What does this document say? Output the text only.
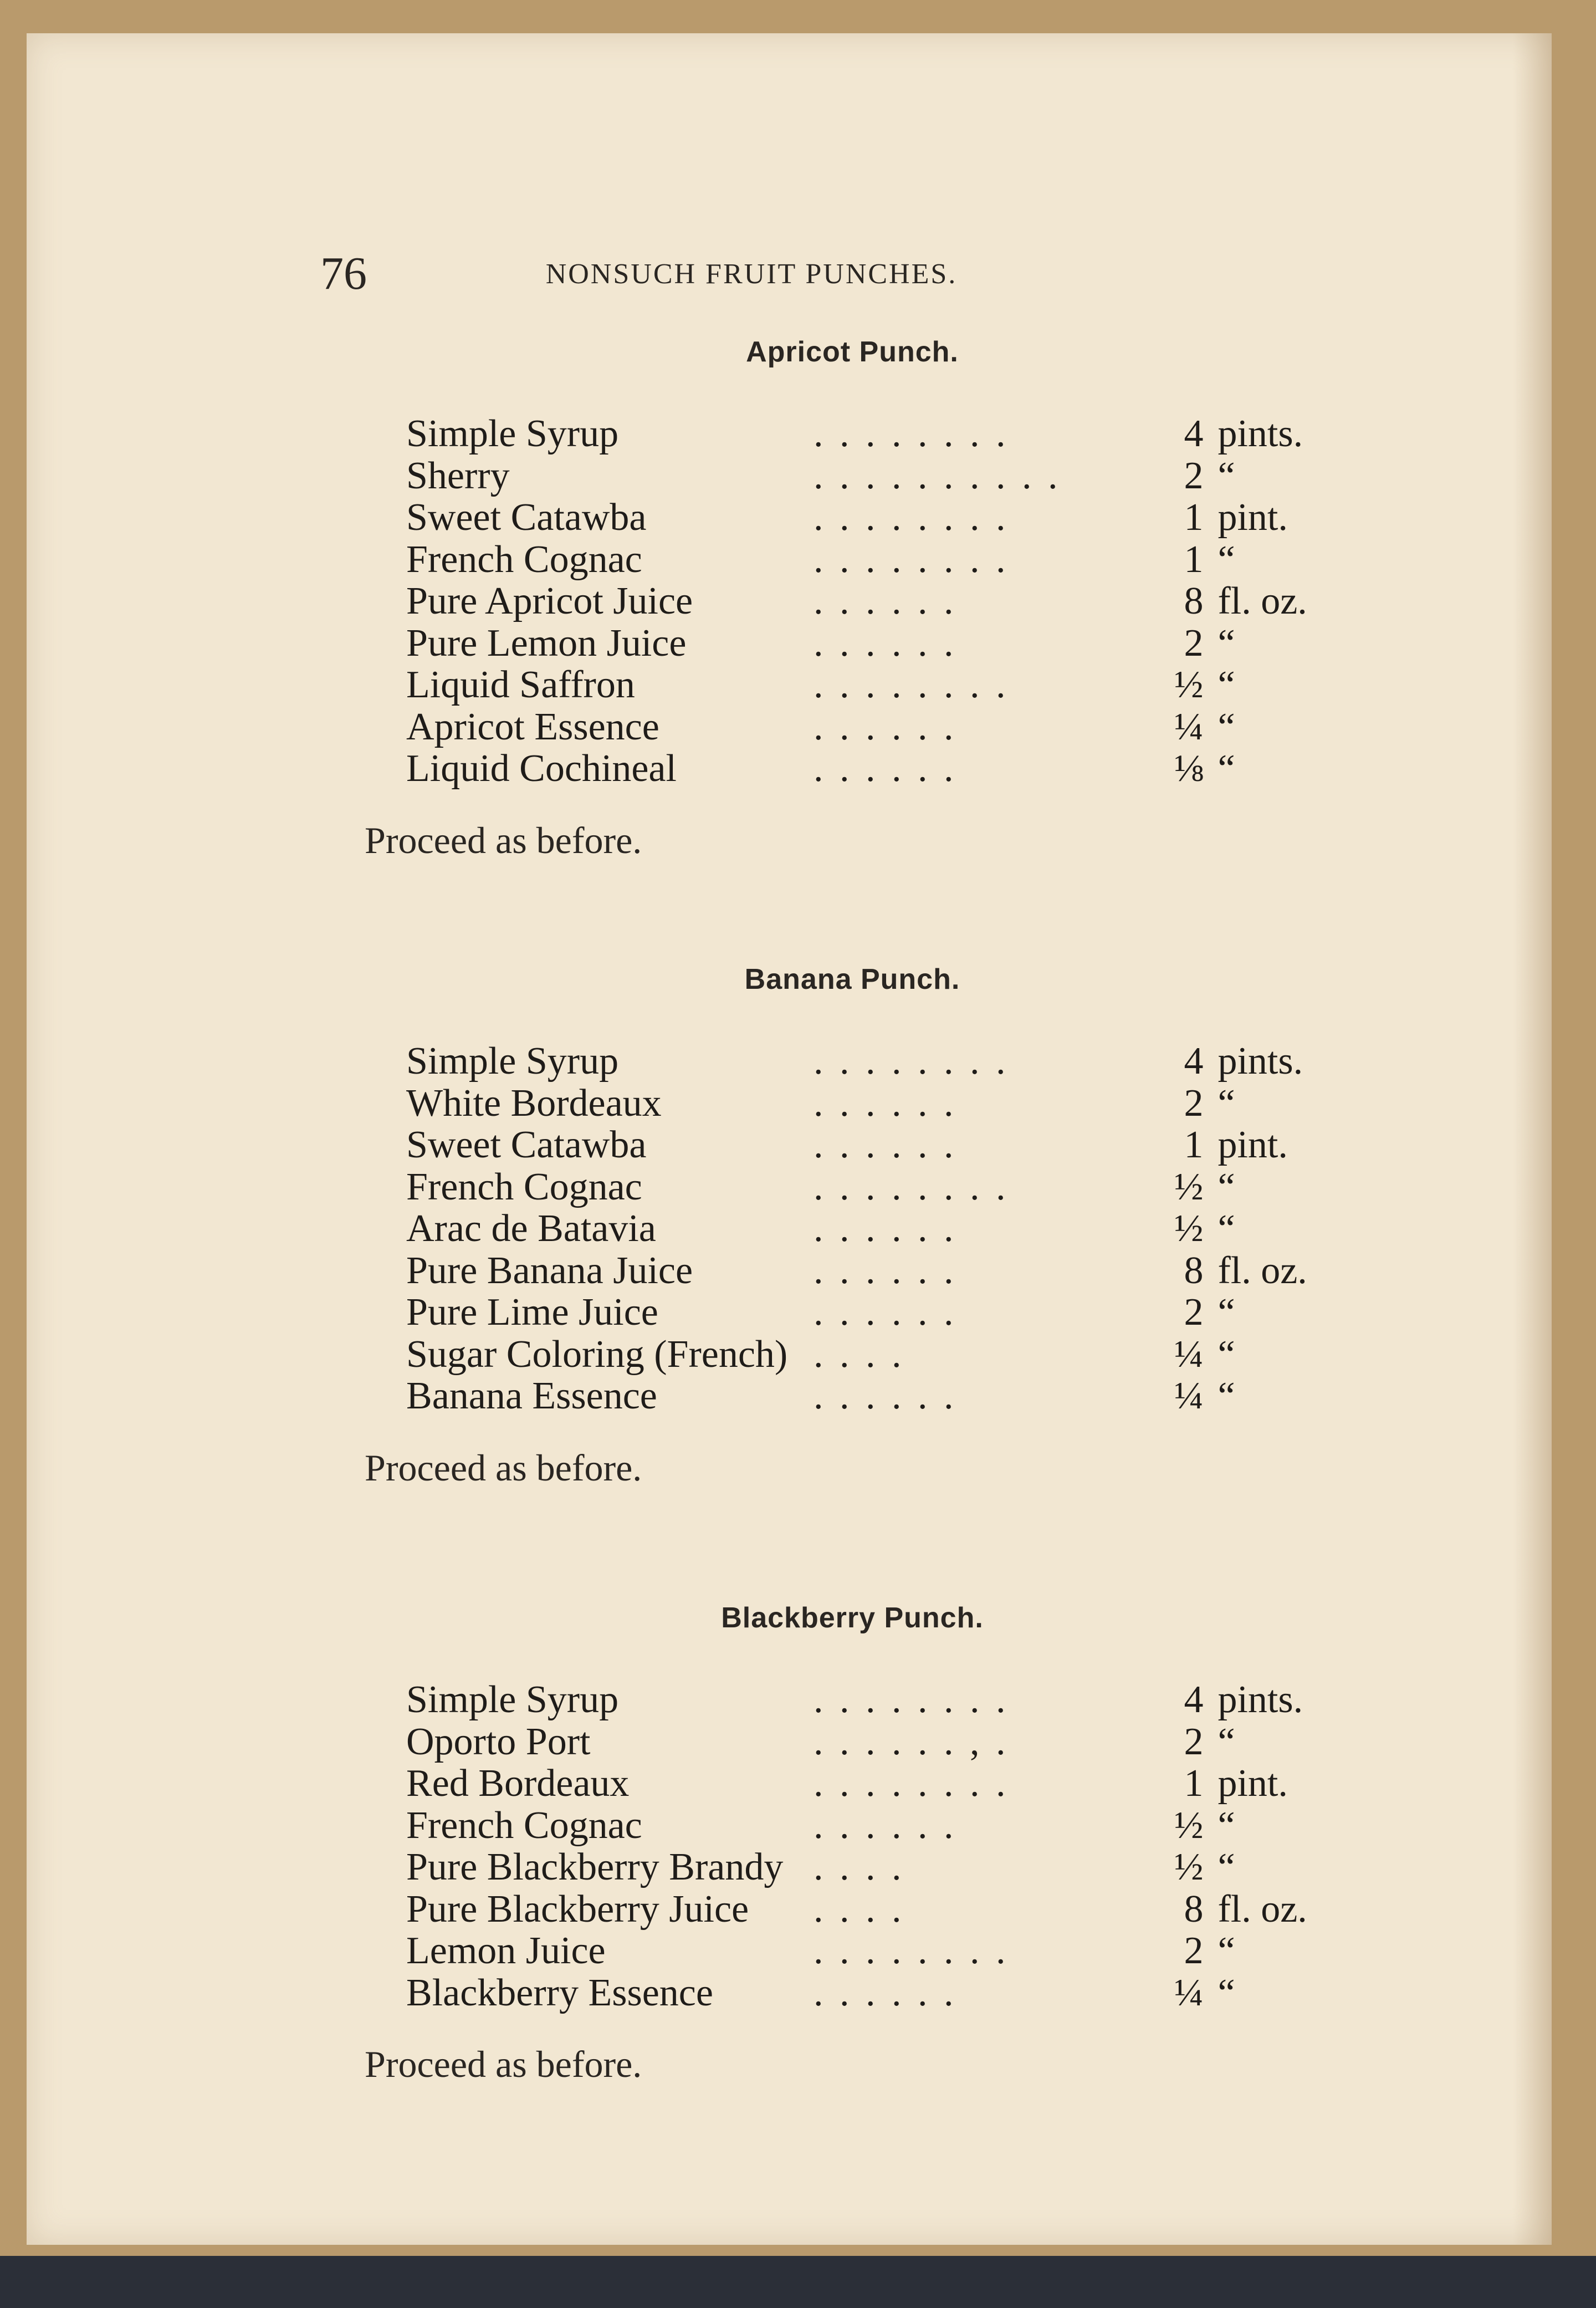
76	NONSUCH FRUIT PUNCHES.
Apricot Punch.
Simple Syrup	. . . . . . . .	4 pints.
Sherry	. . . . . . . . . .	2 “
Sweet Catawba	. . . . . . . .	1 pint.
French Cognac	. . . . . . . .	1 “
Pure Apricot Juice	. . . . . .	8 fl. oz.
Pure Lemon Juice	. . . . . .	2 “
Liquid Saffron	. . . . . . . .	½ “
Apricot Essence	. . . . . .	¼ “
Liquid Cochineal	. . . . . .	⅛ “
Proceed as before.
Banana Punch.
Simple Syrup	. . . . . . . .	4 pints.
White Bordeaux	. . . . . .	2 “
Sweet Catawba	. . . . . .	1 pint.
French Cognac	. . . . . . . .	½ “
Arac de Batavia	. . . . . .	½ “
Pure Banana Juice	. . . . . .	8 fl. oz.
Pure Lime Juice	. . . . . .	2 “
Sugar Coloring (French) . . . .	¼ “
Banana Essence	. . . . . .	¼ “
Proceed as before.
Blackberry Punch.
Simple Syrup	. . . . . . . .	4 pints.
Oporto Port	. . . . . . , .	2 “
Red Bordeaux	. . . . . . . .	1 pint.
French Cognac	. . . . . .	½ “
Pure Blackberry Brandy . . . .	½ “
Pure Blackberry Juice	. . . .	8 fl. oz.
Lemon Juice	. . . . . . . .	2 “
Blackberry Essence	. . . . . .	¼ “
Proceed as before.
